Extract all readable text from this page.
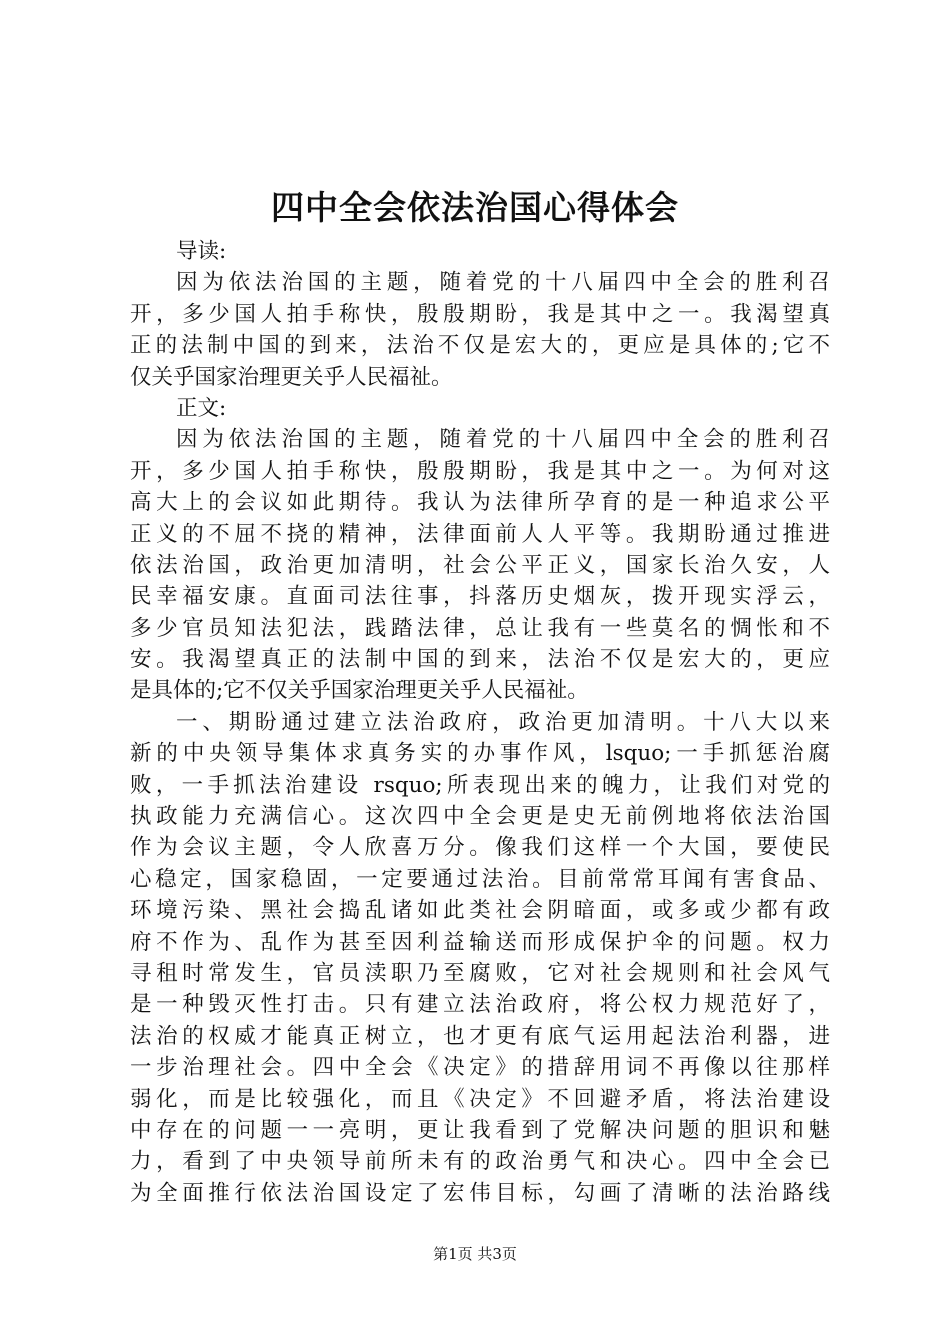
四中全会依法治国心得体会
导读:
因为依法治国的主题，随着党的十八届四中全会的胜利召
开，多少国人拍手称快，殷殷期盼，我是其中之一。我渴望真
正的法制中国的到来，法治不仅是宏大的，更应是具体的;它不
仅关乎国家治理更关乎人民福祉。
正文:
因为依法治国的主题，随着党的十八届四中全会的胜利召
开，多少国人拍手称快，殷殷期盼，我是其中之一。为何对这
高大上的会议如此期待。我认为法律所孕育的是一种追求公平
正义的不屈不挠的精神，法律面前人人平等。我期盼通过推进
依法治国，政治更加清明，社会公平正义，国家长治久安，人
民幸福安康。直面司法往事，抖落历史烟灰，拨开现实浮云，
多少官员知法犯法，践踏法律，总让我有一些莫名的惆怅和不
安。我渴望真正的法制中国的到来，法治不仅是宏大的，更应
是具体的;它不仅关乎国家治理更关乎人民福祉。
一、期盼通过建立法治政府，政治更加清明。十八大以来
新的中央领导集体求真务实的办事作风，lsquo;一手抓惩治腐
败，一手抓法治建设 rsquo;所表现出来的魄力，让我们对党的
执政能力充满信心。这次四中全会更是史无前例地将依法治国
作为会议主题，令人欣喜万分。像我们这样一个大国，要使民
心稳定，国家稳固，一定要通过法治。目前常常耳闻有害食品、
环境污染、黑社会捣乱诸如此类社会阴暗面，或多或少都有政
府不作为、乱作为甚至因利益输送而形成保护伞的问题。权力
寻租时常发生，官员渎职乃至腐败，它对社会规则和社会风气
是一种毁灭性打击。只有建立法治政府，将公权力规范好了，
法治的权威才能真正树立，也才更有底气运用起法治利器，进
一步治理社会。四中全会《决定》的措辞用词不再像以往那样
弱化，而是比较强化，而且《决定》不回避矛盾，将法治建设
中存在的问题一一亮明，更让我看到了党解决问题的胆识和魅
力，看到了中央领导前所未有的政治勇气和决心。四中全会已
为全面推行依法治国设定了宏伟目标，勾画了清晰的法治路线
第1页 共3页
